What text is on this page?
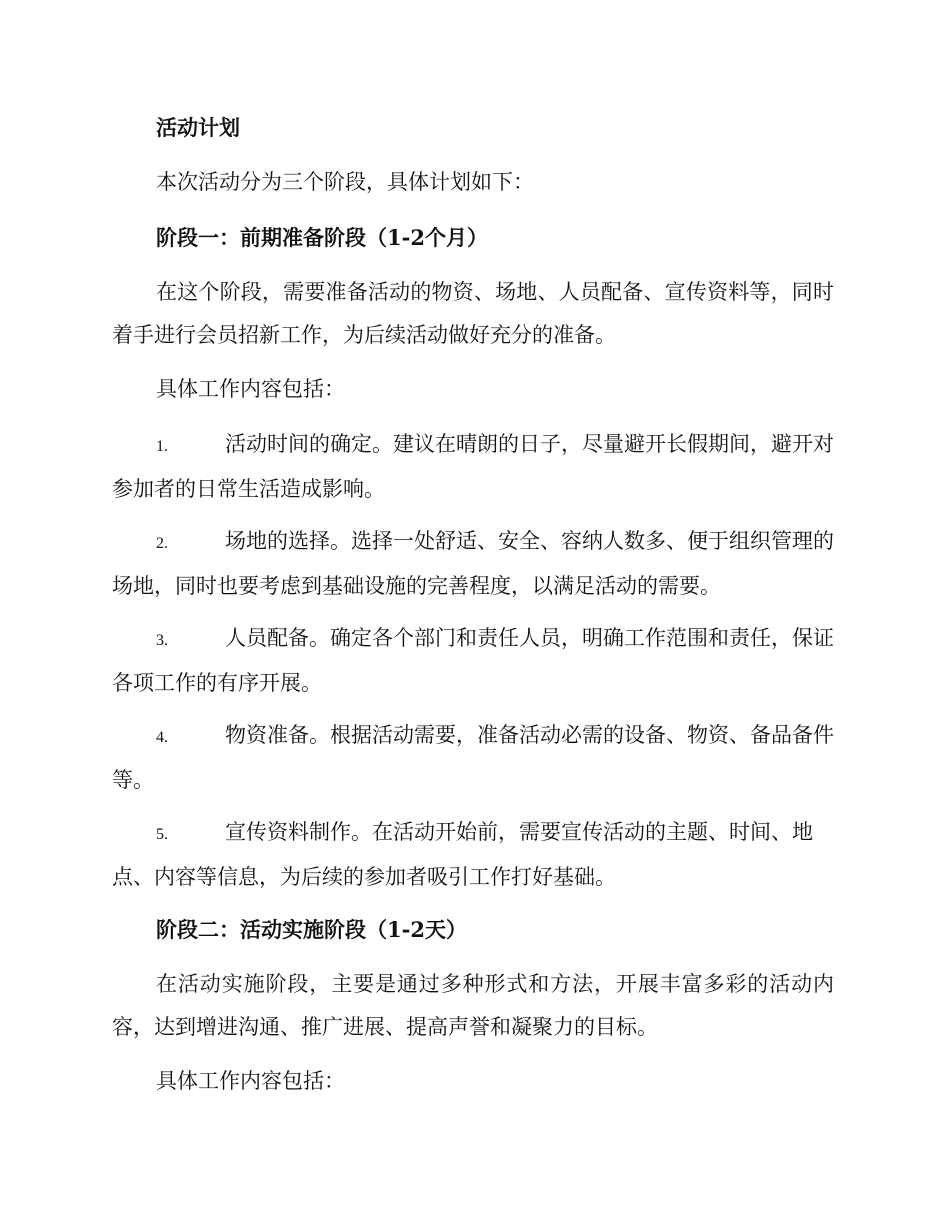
活动计划

本次活动分为三个阶段，具体计划如下：

阶段一：前期准备阶段（1-2个月）

在这个阶段，需要准备活动的物资、场地、人员配备、宣传资料等，同时着手进行会员招新工作，为后续活动做好充分的准备。

具体工作内容包括：

1.	活动时间的确定。建议在晴朗的日子，尽量避开长假期间，避开对参加者的日常生活造成影响。

2.	场地的选择。选择一处舒适、安全、容纳人数多、便于组织管理的场地，同时也要考虑到基础设施的完善程度，以满足活动的需要。

3.	人员配备。确定各个部门和责任人员，明确工作范围和责任，保证各项工作的有序开展。

4.	物资准备。根据活动需要，准备活动必需的设备、物资、备品备件等。

5.	宣传资料制作。在活动开始前，需要宣传活动的主题、时间、地点、内容等信息，为后续的参加者吸引工作打好基础。

阶段二：活动实施阶段（1-2天）

在活动实施阶段，主要是通过多种形式和方法，开展丰富多彩的活动内容，达到增进沟通、推广进展、提高声誉和凝聚力的目标。

具体工作内容包括：
